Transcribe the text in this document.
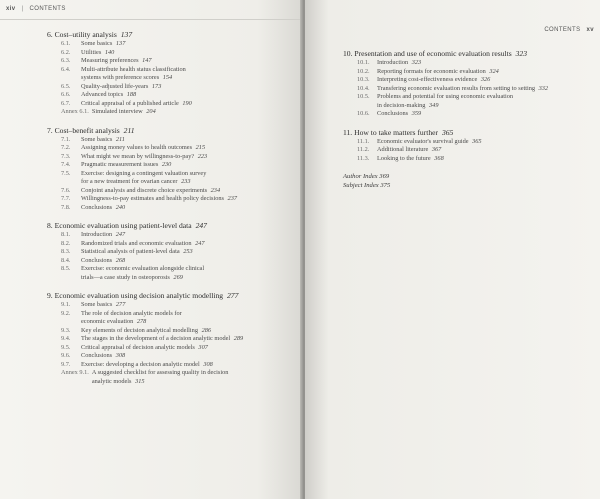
xiv | CONTENTS
6. Cost–utility analysis 137
6.1.	Some basics 137
6.2.	Utilities 140
6.3.	Measuring preferences 147
6.4.	Multi-attribute health status classification
systems with preference scores 154
6.5.	Quality-adjusted life-years 173
6.6.	Advanced topics 188
6.7.	Critical appraisal of a published article 190
Annex 6.1. Simulated interview 204
7. Cost–benefit analysis 211
7.1.	Some basics 211
7.2.	Assigning money values to health outcomes 215
7.3.	What might we mean by willingness-to-pay? 223
7.4.	Pragmatic measurement issues 230
7.5.	Exercise: designing a contingent valuation survey
for a new treatment for ovarian cancer 233
7.6.	Conjoint analysis and discrete choice experiments 234
7.7.	Willingness-to-pay estimates and health policy decisions 237
7.8.	Conclusions 240
8. Economic evaluation using patient-level data 247
8.1.	Introduction 247
8.2.	Randomized trials and economic evaluation 247
8.3.	Statistical analysis of patient-level data 253
8.4.	Conclusions 268
8.5.	Exercise: economic evaluation alongside clinical
trials—a case study in osteoporosis 269
9. Economic evaluation using decision analytic modelling 277
9.1.	Some basics 277
9.2.	The role of decision analytic models for
economic evaluation 278
9.3.	Key elements of decision analytical modelling 286
9.4.	The stages in the development of a decision analytic model 289
9.5.	Critical appraisal of decision analytic models 307
9.6.	Conclusions 308
9.7.	Exercise: developing a decision analytic model 308
Annex 9.1. A suggested checklist for assessing quality in decision
analytic models 315
CONTENTS xv
10. Presentation and use of economic evaluation results 323
10.1.	Introduction 323
10.2.	Reporting formats for economic evaluation 324
10.3.	Interpreting cost-effectiveness evidence 326
10.4.	Transfering economic evaluation results from setting to setting 332
10.5.	Problems and potential for using economic evaluation
in decision-making 349
10.6.	Conclusions 359
11. How to take matters further 365
11.1.	Economic evaluator's survival guide 365
11.2.	Additional literature 367
11.3.	Looking to the future 368
Author Index 369
Subject Index 375
